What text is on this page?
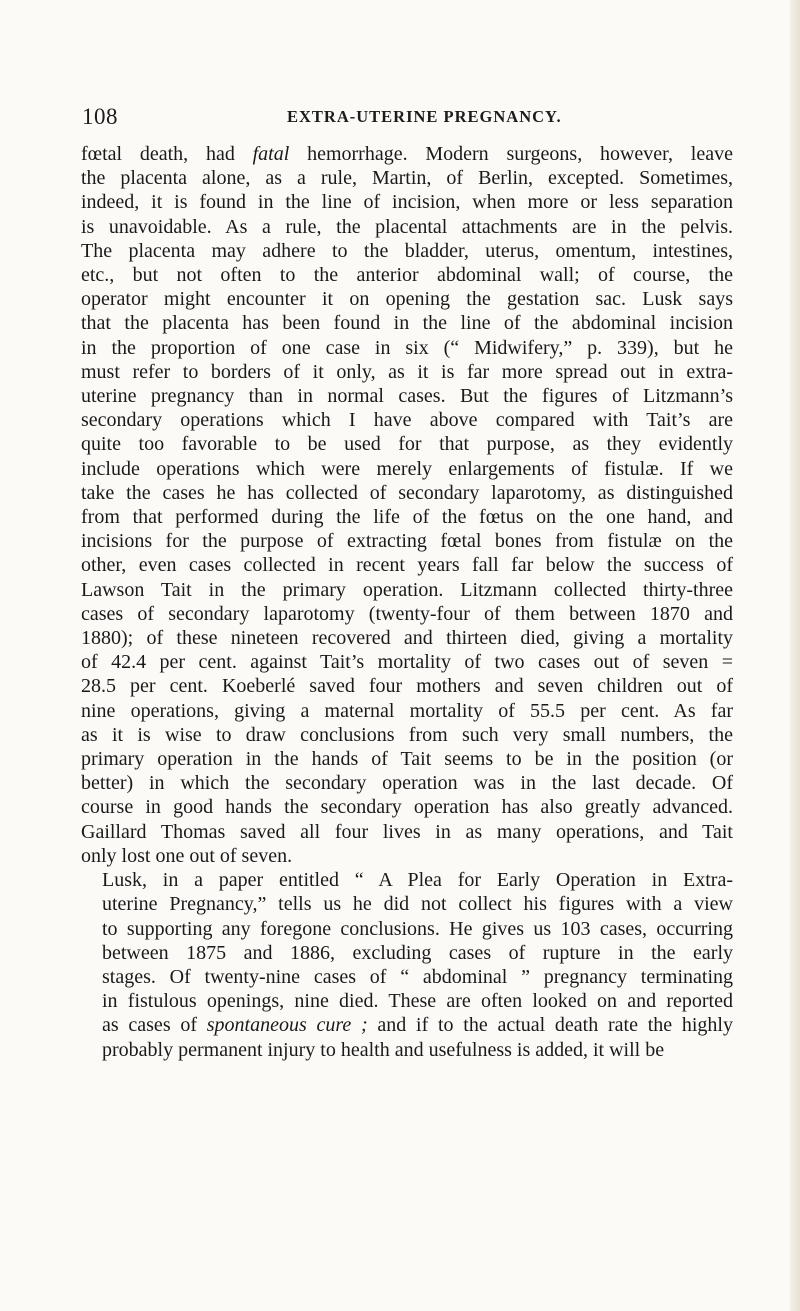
108	EXTRA-UTERINE PREGNANCY.
fœtal death, had fatal hemorrhage. Modern surgeons, however, leave
the placenta alone, as a rule, Martin, of Berlin, excepted. Sometimes,
indeed, it is found in the line of incision, when more or less separation
is unavoidable. As a rule, the placental attachments are in the pelvis.
The placenta may adhere to the bladder, uterus, omentum, intestines,
etc., but not often to the anterior abdominal wall; of course, the
operator might encounter it on opening the gestation sac. Lusk says
that the placenta has been found in the line of the abdominal incision
in the proportion of one case in six (“ Midwifery,” p. 339), but he
must refer to borders of it only, as it is far more spread out in extra-
uterine pregnancy than in normal cases. But the figures of Litzmann’s
secondary operations which I have above compared with Tait’s are
quite too favorable to be used for that purpose, as they evidently
include operations which were merely enlargements of fistulæ. If we
take the cases he has collected of secondary laparotomy, as distinguished
from that performed during the life of the fœtus on the one hand, and
incisions for the purpose of extracting fœtal bones from fistulæ on the
other, even cases collected in recent years fall far below the success of
Lawson Tait in the primary operation. Litzmann collected thirty-three
cases of secondary laparotomy (twenty-four of them between 1870 and
1880); of these nineteen recovered and thirteen died, giving a mortality
of 42.4 per cent. against Tait’s mortality of two cases out of seven =
28.5 per cent. Koeberlé saved four mothers and seven children out of
nine operations, giving a maternal mortality of 55.5 per cent. As far
as it is wise to draw conclusions from such very small numbers, the
primary operation in the hands of Tait seems to be in the position (or
better) in which the secondary operation was in the last decade. Of
course in good hands the secondary operation has also greatly advanced.
Gaillard Thomas saved all four lives in as many operations, and Tait
only lost one out of seven.
Lusk, in a paper entitled “ A Plea for Early Operation in Extra-
uterine Pregnancy,” tells us he did not collect his figures with a view
to supporting any foregone conclusions. He gives us 103 cases, occurring
between 1875 and 1886, excluding cases of rupture in the early
stages. Of twenty-nine cases of “ abdominal ” pregnancy terminating
in fistulous openings, nine died. These are often looked on and reported
as cases of spontaneous cure ; and if to the actual death rate the highly
probably permanent injury to health and usefulness is added, it will be
